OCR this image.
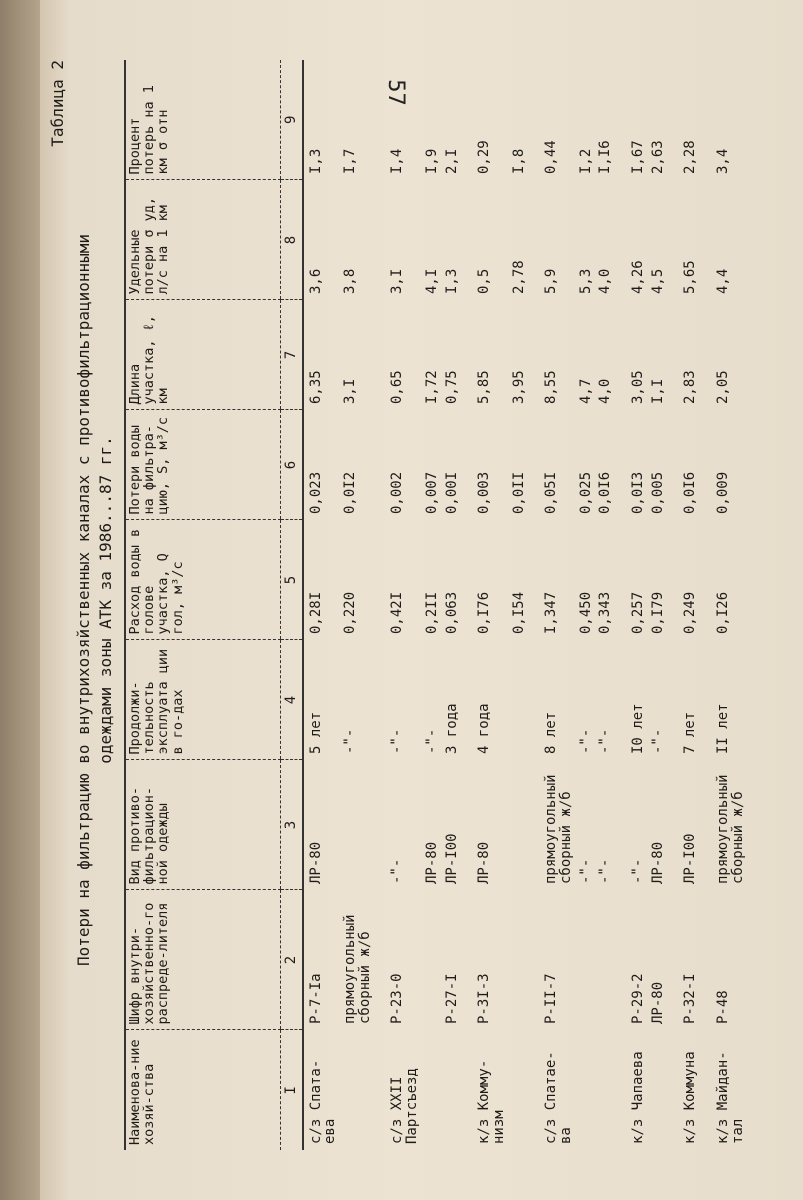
57
Таблица 2
Потери на фильтрацию во внутрихозяйственных каналах с противофильтрационными одеждами зоны АТК за 1986...87 гг.
Наименова-ние хозяй-ства	Шифр внутри-хозяйственно-го распреде-лителя	Вид противо-фильтрацион-ной одежды	Продолжи-тельность эксплуата ции в го-дах	Расход воды в голове участка, Q гол, м³/с	Потери воды на фильтра-цию, S, м³/с	Длина участка, ℓ, км	Удельные потери σ уд, л/с на 1 км	Процент потерь на 1 км σ отн
I	2	3	4	5	6	7	8	9
с/з Спата-ева	Р-7-Iа	ЛР-80	5 лет	0,28I	0,023	6,35	3,6	I,3
	прямоугольный сборный ж/б		-"-	0,220	0,0I2	3,I	3,8	I,7
с/з XXII Партсъезд	Р-23-0	-"-	-"-	0,42I	0,002	0,65	3,I	I,4
		ЛР-80	-"-	0,2II	0,007	I,72	4,I	I,9
	Р-27-I	ЛР-I00	3 года	0,063	0,00I	0,75	I,3	2,I
к/з Комму-низм	Р-3I-3	ЛР-80	4 года	0,I76	0,003	5,85	0,5	0,29
				0,I54	0,0II	3,95	2,78	I,8
с/з Спатае-ва	Р-II-7	прямоугольный сборный ж/б	8 лет	I,347	0,05I	8,55	5,9	0,44
		-"-	-"-	0,450	0,025	4,7	5,3	I,2
		-"-	-"-	0,343	0,0I6	4,0	4,0	I,I6
к/з Чапаева	Р-29-2	-"-	I0 лет	0,257	0,0I3	3,05	4,26	I,67
	ЛР-80	ЛР-80	-"-	0,I79	0,005	I,I	4,5	2,63
к/з Коммуна	Р-32-I	ЛР-I00	7 лет	0,249	0,0I6	2,83	5,65	2,28
к/з Майдан-тал	Р-48	прямоугольный сборный ж/б	II лет	0,I26	0,009	2,05	4,4	3,4
